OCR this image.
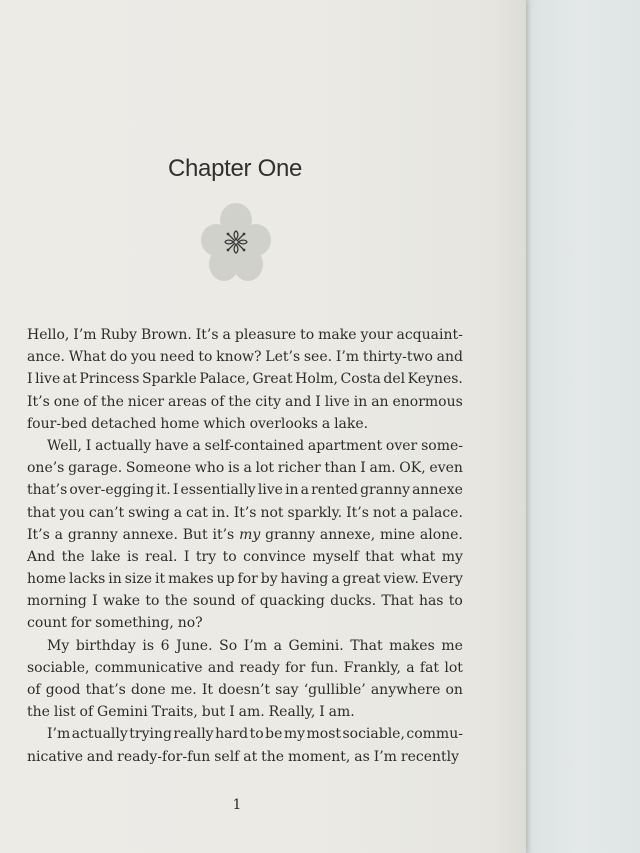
Chapter One
Hello, I’m Ruby Brown. It’s a pleasure to make your acquaint-
ance. What do you need to know? Let’s see. I’m thirty-two and
I live at Princess Sparkle Palace, Great Holm, Costa del Keynes.
It’s one of the nicer areas of the city and I live in an enormous
four-bed detached home which overlooks a lake.
Well, I actually have a self-contained apartment over some-
one’s garage. Someone who is a lot richer than I am. OK, even
that’s over-egging it. I essentially live in a rented granny annexe
that you can’t swing a cat in. It’s not sparkly. It’s not a palace.
It’s a granny annexe. But it’s my granny annexe, mine alone.
And the lake is real. I try to convince myself that what my
home lacks in size it makes up for by having a great view. Every
morning I wake to the sound of quacking ducks. That has to
count for something, no?
My birthday is 6 June. So I’m a Gemini. That makes me
sociable, communicative and ready for fun. Frankly, a fat lot
of good that’s done me. It doesn’t say ‘gullible’ anywhere on
the list of Gemini Traits, but I am. Really, I am.
I’m actually trying really hard to be my most sociable, commu-
nicative and ready-for-fun self at the moment, as I’m recently
1
